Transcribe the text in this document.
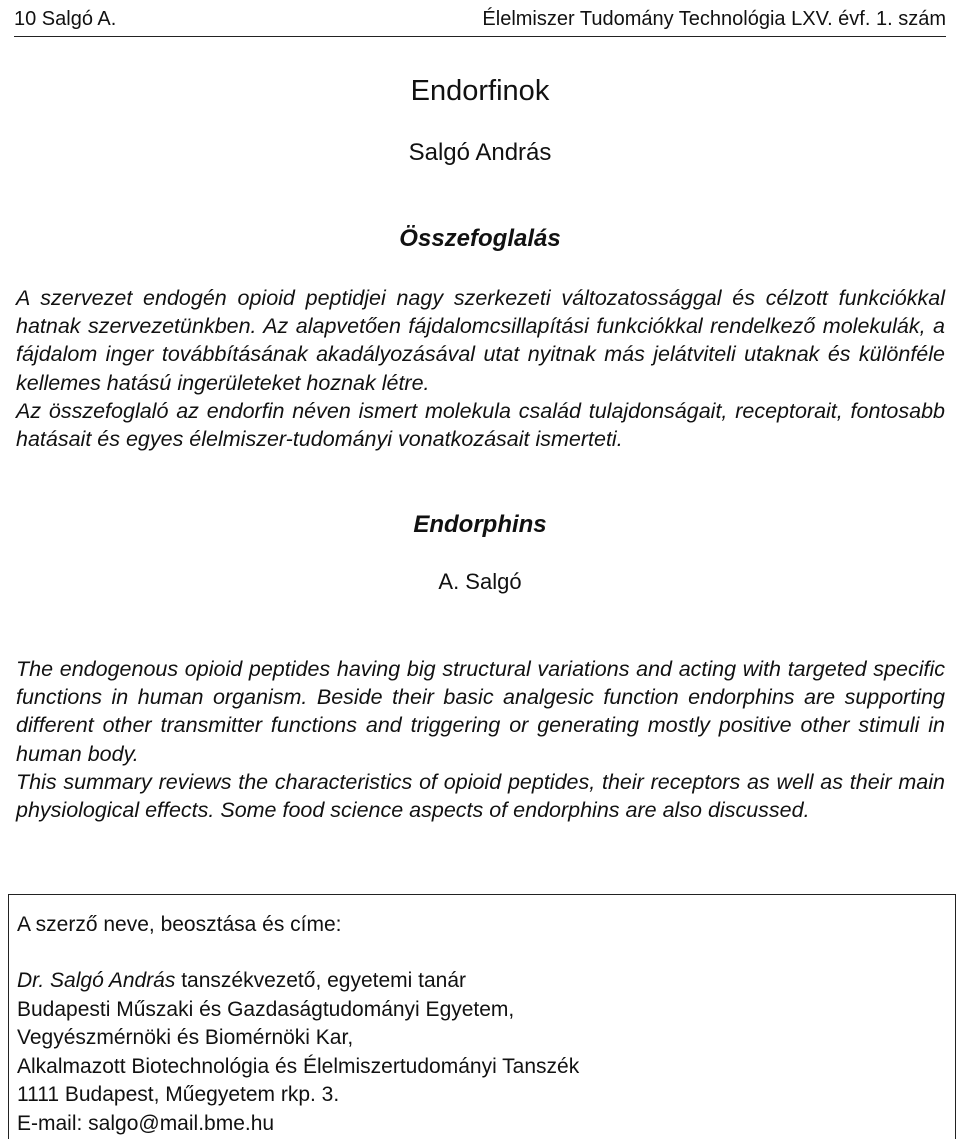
10 Salgó A.	Élelmiszer Tudomány Technológia LXV. évf. 1. szám
Endorfinok
Salgó András
Összefoglalás

A szervezet endogén opioid peptidjei nagy szerkezeti változatossággal és célzott funkciókkal hatnak szervezetünkben. Az alapvetően fájdalomcsillapítási funkciókkal rendelkező molekulák, a fájdalom inger továbbításának akadályozásával utat nyitnak más jelátviteli utaknak és különféle kellemes hatású ingerületeket hoznak létre.

Az összefoglaló az endorfin néven ismert molekula család tulajdonságait, receptorait, fontosabb hatásait és egyes élelmiszer-tudományi vonatkozásait ismerteti.

Endorphins
A. Salgó

The endogenous opioid peptides having big structural variations and acting with targeted specific functions in human organism. Beside their basic analgesic function endorphins are supporting different other transmitter functions and triggering or generating mostly positive other stimuli in human body.

This summary reviews the characteristics of opioid peptides, their receptors as well as their main physiological effects. Some food science aspects of endorphins are also discussed.

A szerző neve, beosztása és címe:
Dr. Salgó András tanszékvezető, egyetemi tanár
Budapesti Műszaki és Gazdaságtudományi Egyetem,
Vegyészmérnöki és Biomérnöki Kar,
Alkalmazott Biotechnológia és Élelmiszertudományi Tanszék
1111 Budapest, Műegyetem rkp. 3.
E-mail: salgo@mail.bme.hu
